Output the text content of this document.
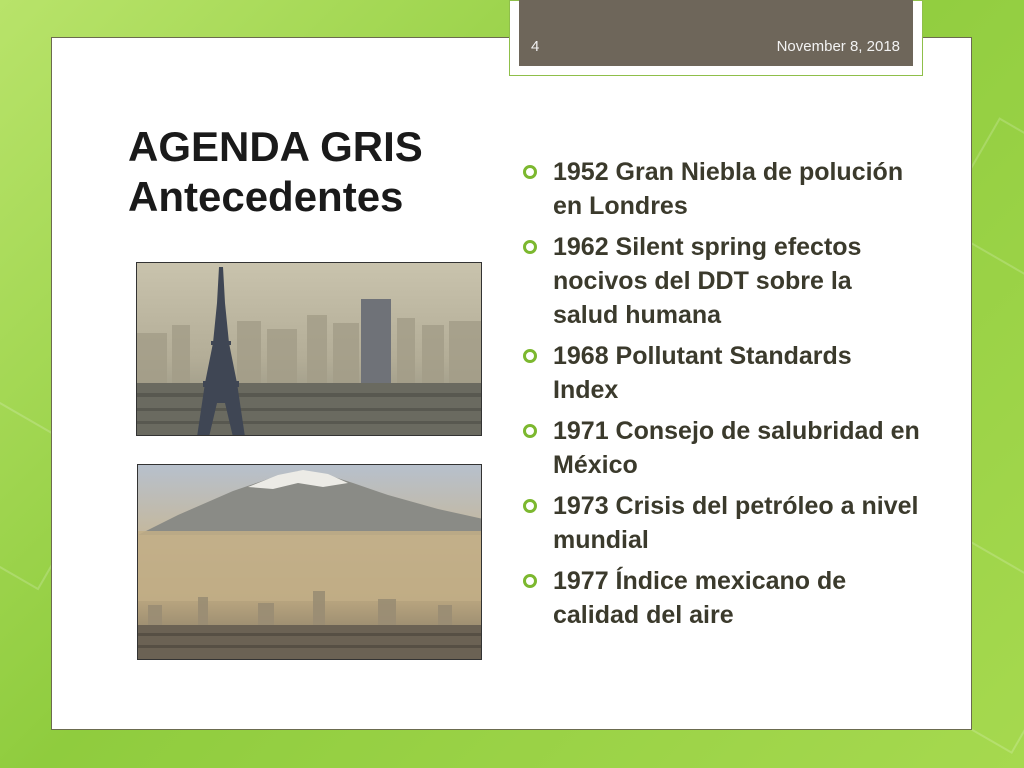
4	November 8, 2018
AGENDA GRIS
Antecedentes
1952 Gran Niebla de polución en Londres
1962 Silent spring efectos nocivos del DDT sobre la salud humana
1968 Pollutant Standards Index
1971 Consejo de salubridad en México
1973 Crisis del petróleo a nivel mundial
1977 Índice mexicano de calidad del aire
